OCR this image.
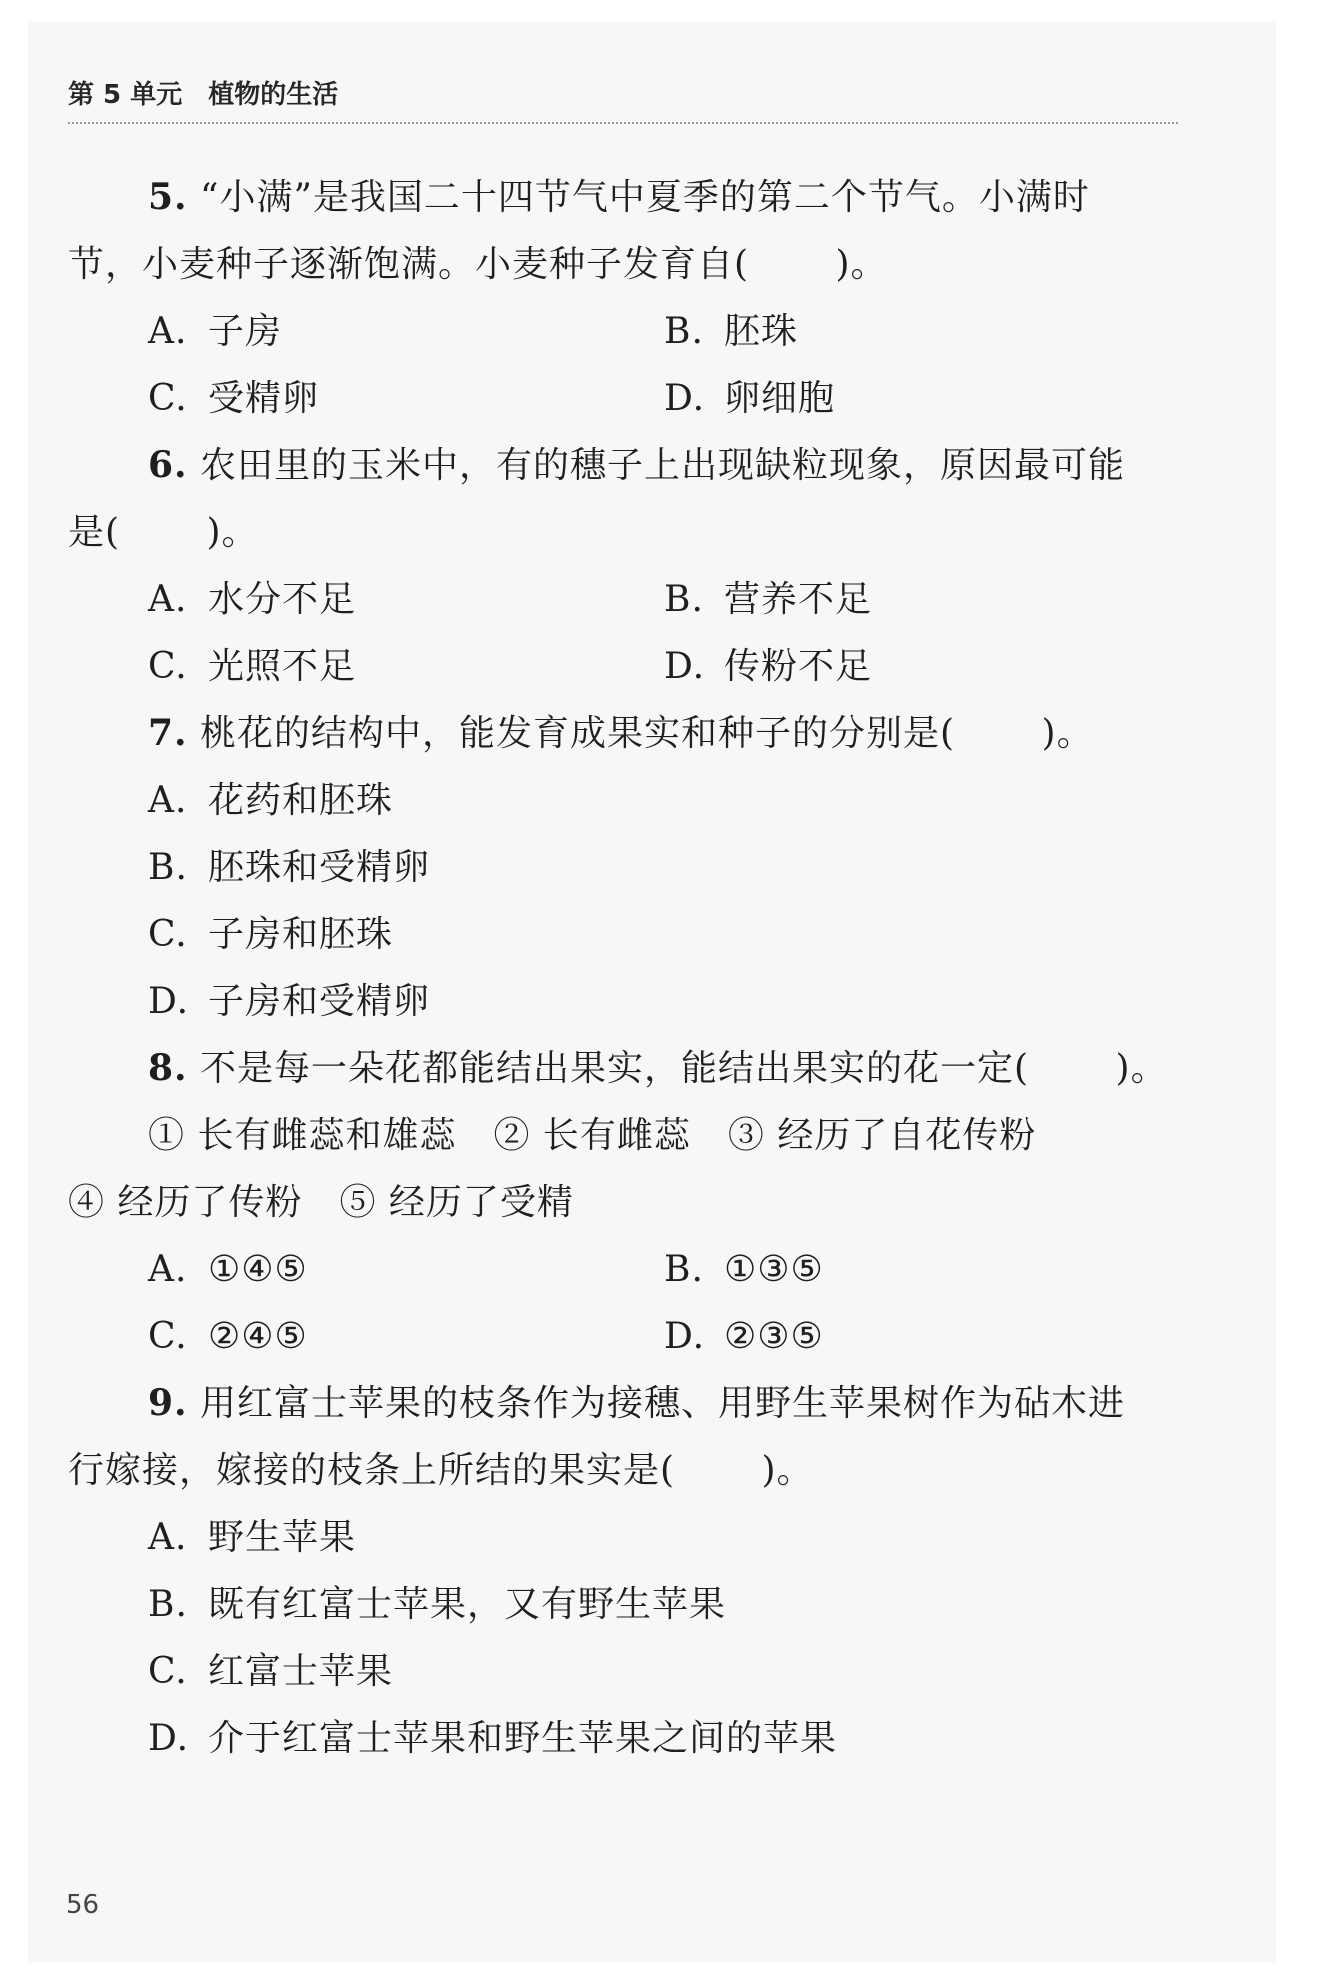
第 5 单元　 植物的生活
5. “小满”是我国二十四节气中夏季的第二个节气。小满时
节，小麦种子逐渐饱满。小麦种子发育自(　　 )。
A. 子房	B. 胚珠
C. 受精卵	D. 卵细胞
6. 农田里的玉米中，有的穗子上出现缺粒现象，原因最可能
是(　　 )。
A. 水分不足	B. 营养不足
C. 光照不足	D. 传粉不足
7. 桃花的结构中，能发育成果实和种子的分别是(　　 )。
A. 花药和胚珠
B. 胚珠和受精卵
C. 子房和胚珠
D. 子房和受精卵
8. 不是每一朵花都能结出果实，能结出果实的花一定(　　 )。
① 长有雌蕊和雄蕊　② 长有雌蕊　③ 经历了自花传粉
④ 经历了传粉　⑤ 经历了受精
A. ①④⑤	B. ①③⑤
C. ②④⑤	D. ②③⑤
9. 用红富士苹果的枝条作为接穗、用野生苹果树作为砧木进
行嫁接，嫁接的枝条上所结的果实是(　　 )。
A. 野生苹果
B. 既有红富士苹果，又有野生苹果
C. 红富士苹果
D. 介于红富士苹果和野生苹果之间的苹果
56
